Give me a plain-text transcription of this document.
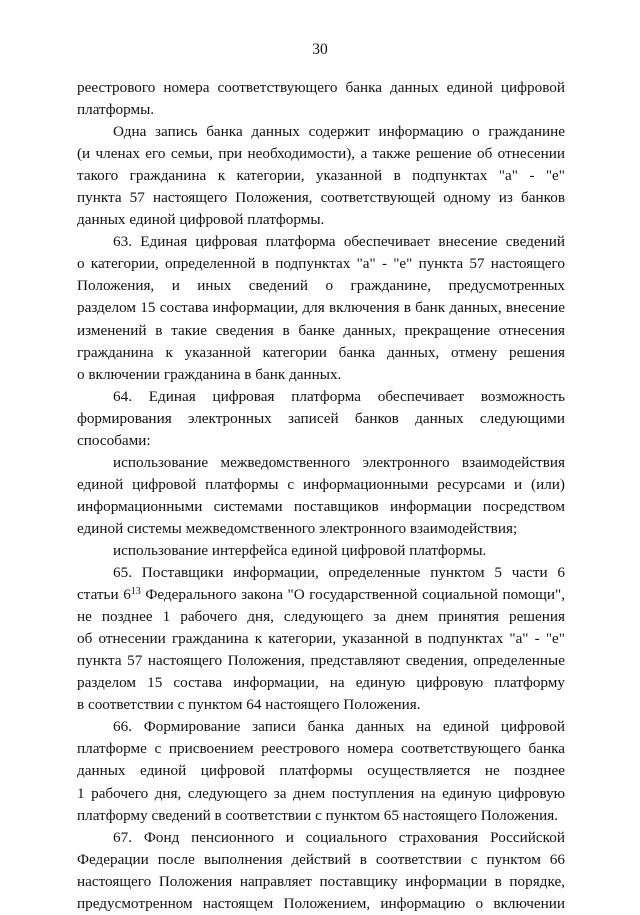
30
реестрового номера соответствующего банка данных единой цифровой
платформы.
Одна запись банка данных содержит информацию о гражданине
(и членах его семьи, при необходимости), а также решение об отнесении
такого гражданина к категории, указанной в подпунктах "а" - "е"
пункта 57 настоящего Положения, соответствующей одному из банков
данных единой цифровой платформы.
63. Единая цифровая платформа обеспечивает внесение сведений
о категории, определенной в подпунктах "а" - "е" пункта 57 настоящего
Положения, и иных сведений о гражданине, предусмотренных
разделом 15 состава информации, для включения в банк данных, внесение
изменений в такие сведения в банке данных, прекращение отнесения
гражданина к указанной категории банка данных, отмену решения
о включении гражданина в банк данных.
64. Единая цифровая платформа обеспечивает возможность
формирования электронных записей банков данных следующими
способами:
использование межведомственного электронного взаимодействия
единой цифровой платформы с информационными ресурсами и (или)
информационными системами поставщиков информации посредством
единой системы межведомственного электронного взаимодействия;
использование интерфейса единой цифровой платформы.
65. Поставщики информации, определенные пунктом 5 части 6
статьи $6^{13}$ Федерального закона "О государственной социальной помощи",
не позднее 1 рабочего дня, следующего за днем принятия решения
об отнесении гражданина к категории, указанной в подпунктах "а" - "е"
пункта 57 настоящего Положения, представляют сведения, определенные
разделом 15 состава информации, на единую цифровую платформу
в соответствии с пунктом 64 настоящего Положения.
66. Формирование записи банка данных на единой цифровой
платформе с присвоением реестрового номера соответствующего банка
данных единой цифровой платформы осуществляется не позднее
1 рабочего дня, следующего за днем поступления на единую цифровую
платформу сведений в соответствии с пунктом 65 настоящего Положения.
67. Фонд пенсионного и социального страхования Российской
Федерации после выполнения действий в соответствии с пунктом 66
настоящего Положения направляет поставщику информации в порядке,
предусмотренном настоящем Положением, информацию о включении
